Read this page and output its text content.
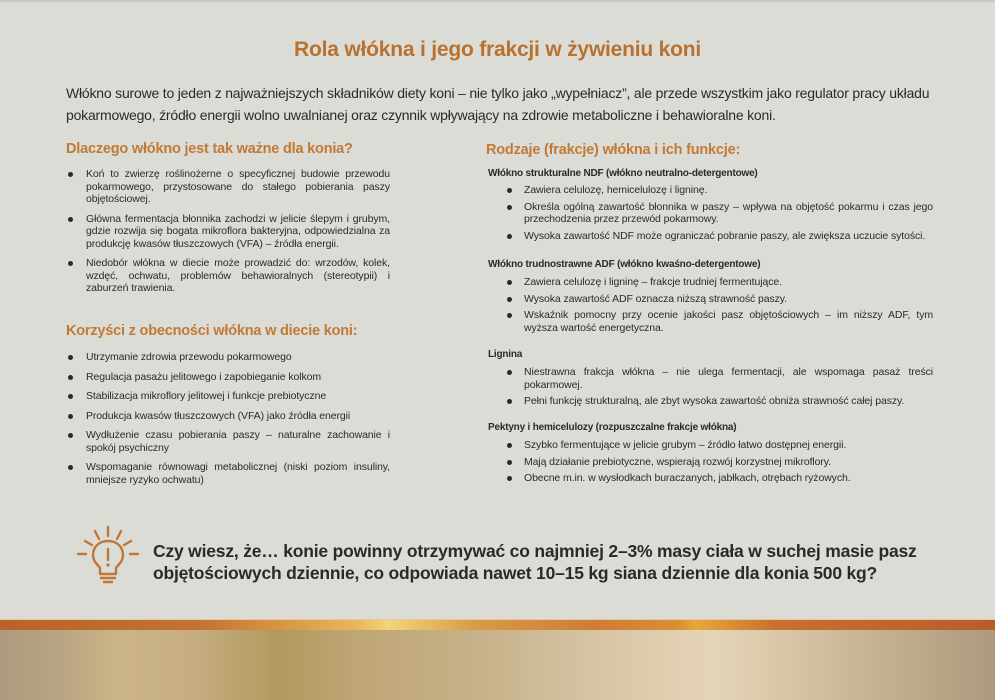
Rola włókna i jego frakcji w żywieniu koni

Włókno surowe to jeden z najważniejszych składników diety koni – nie tylko jako „wypełniacz”, ale przede wszystkim jako regulator pracy układu pokarmowego, źródło energii wolno uwalnianej oraz czynnik wpływający na zdrowie metaboliczne i behawioralne koni.

Dlaczego włókno jest tak ważne dla konia?
Koń to zwierzę roślinożerne o specyficznej budowie przewodu pokarmowego, przystosowane do stałego pobierania paszy objętościowej.
Główna fermentacja błonnika zachodzi w jelicie ślepym i grubym, gdzie rozwija się bogata mikroflora bakteryjna, odpowiedzialna za produkcję kwasów tłuszczowych (VFA) – źródła energii.
Niedobór włókna w diecie może prowadzić do: wrzodów, kolek, wzdęć, ochwatu, problemów behawioralnych (stereotypii) i zaburzeń trawienia.
Korzyści z obecności włókna w diecie koni:
Utrzymanie zdrowia przewodu pokarmowego
Regulacja pasażu jelitowego i zapobieganie kolkom
Stabilizacja mikroflory jelitowej i funkcje prebiotyczne
Produkcja kwasów tłuszczowych (VFA) jako źródła energii
Wydłużenie czasu pobierania paszy – naturalne zachowanie i spokój psychiczny
Wspomaganie równowagi metabolicznej (niski poziom insuliny, mniejsze ryzyko ochwatu)
Rodzaje (frakcje) włókna i ich funkcje:
Włókno strukturalne NDF (włókno neutralno-detergentowe)
Zawiera celulozę, hemicelulozę i ligninę.
Określa ogólną zawartość błonnika w paszy – wpływa na objętość pokarmu i czas jego przechodzenia przez przewód pokarmowy.
Wysoka zawartość NDF może ograniczać pobranie paszy, ale zwiększa uczucie sytości.
Włókno trudnostrawne ADF (włókno kwaśno-detergentowe)
Zawiera celulozę i ligninę – frakcje trudniej fermentujące.
Wysoka zawartość ADF oznacza niższą strawność paszy.
Wskaźnik pomocny przy ocenie jakości pasz objętościowych – im niższy ADF, tym wyższa wartość energetyczna.
Lignina
Niestrawna frakcja włókna – nie ulega fermentacji, ale wspomaga pasaż treści pokarmowej.
Pełni funkcję strukturalną, ale zbyt wysoka zawartość obniża strawność całej paszy.
Pektyny i hemicelulozy (rozpuszczalne frakcje włókna)
Szybko fermentujące w jelicie grubym – źródło łatwo dostępnej energii.
Mają działanie prebiotyczne, wspierają rozwój korzystnej mikroflory.
Obecne m.in. w wysłodkach buraczanych, jabłkach, otrębach ryżowych.
Czy wiesz, że… konie powinny otrzymywać co najmniej 2–3% masy ciała w suchej masie pasz
objętościowych dziennie, co odpowiada nawet 10–15 kg siana dziennie dla konia 500 kg?
